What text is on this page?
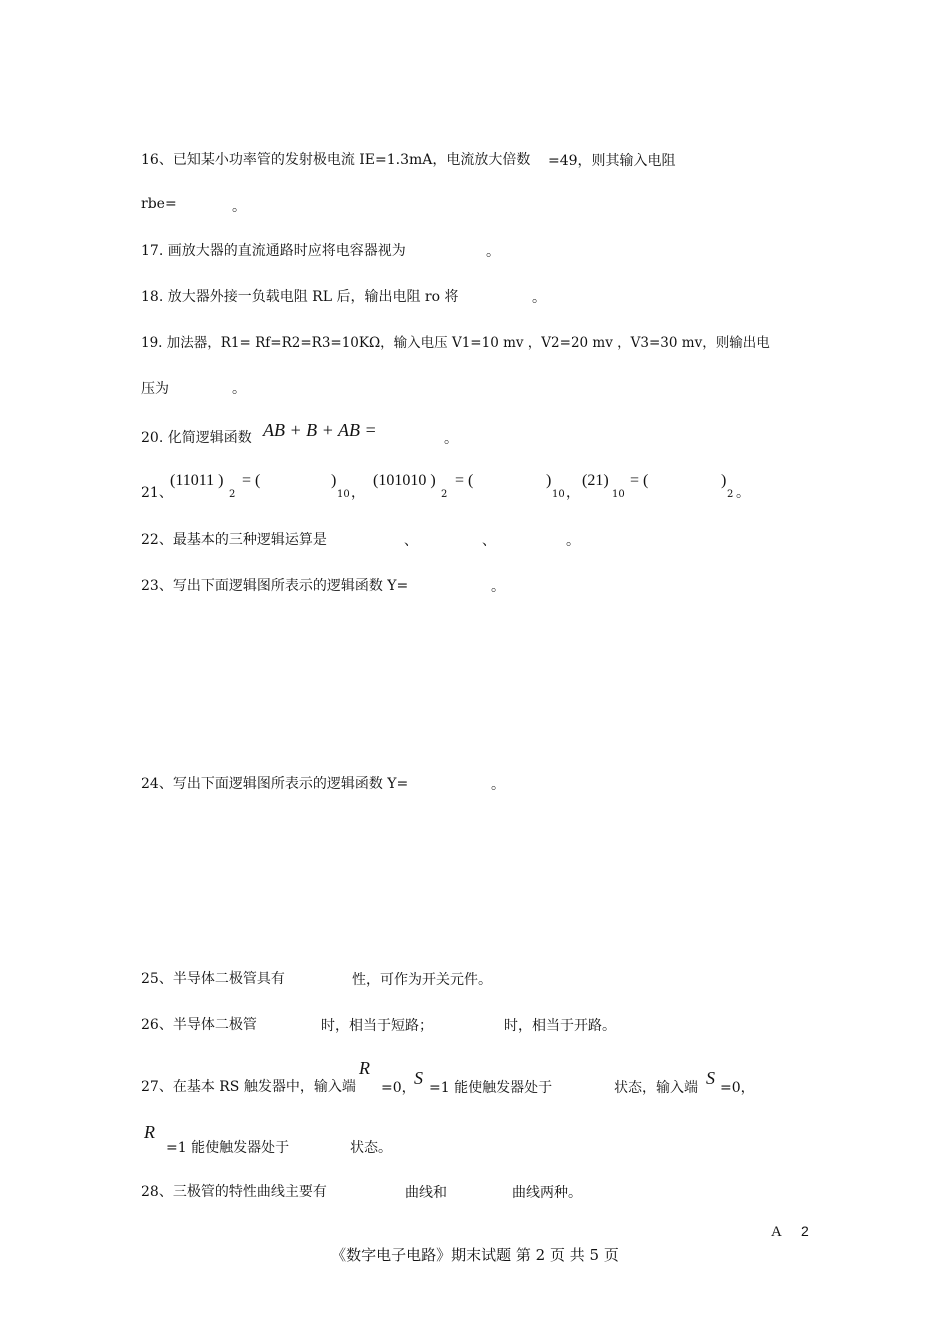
16、已知某小功率管的发射极电流 IE=1.3mA，电流放大倍数 =49，则其输入电阻
rbe=	。
17. 画放大器的直流通路时应将电容器视为	。
18. 放大器外接一负载电阻 RL 后，输出电阻 ro 将	。
19. 加法器，R1= Rf=R2=R3=10KΩ，输入电压 V1=10 mv ，V2=20 mv ，V3=30 mv，则输出电
压为	。
20. 化简逻辑函数 AB + B + AB =	。
21、
(11011 )
2
= (	)
10 ，
(101010 )
2
= (	)
10 ，
(21)
10
= (	)
2 。
22、最基本的三种逻辑运算是	、	、	。
23、写出下面逻辑图所表示的逻辑函数 Y=	。
24、写出下面逻辑图所表示的逻辑函数 Y=	。
25、半导体二极管具有	性，可作为开关元件。
26、半导体二极管	时，相当于短路；	时，相当于开路。
27、在基本 RS 触发器中，输入端
R
=0，
S =1 能使触发器处于	状态，输入端 S =0，
R
=1 能使触发器处于	状态。
28、三极管的特性曲线主要有	曲线和	曲线两种。
A 2
《数字电子电路》期末试题 第 2 页 共 5 页
